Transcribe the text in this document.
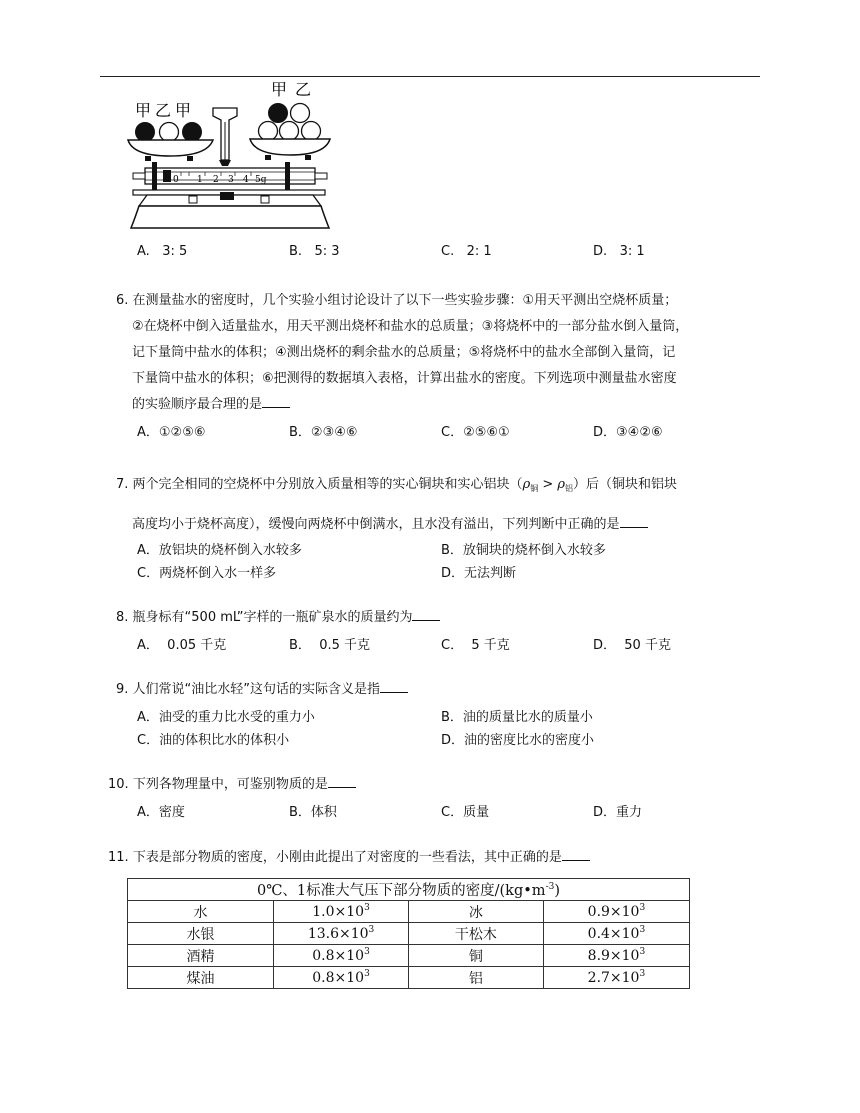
甲 乙 甲
甲 乙
0 1 2 3 4 5g
A. 3: 5	B. 5: 3	C. 2: 1	D. 3: 1

6. 在测量盐水的密度时，几个实验小组讨论设计了以下一些实验步骤：①用天平测出空烧杯质量；

②在烧杯中倒入适量盐水，用天平测出烧杯和盐水的总质量；③将烧杯中的一部分盐水倒入量筒，

记下量筒中盐水的体积；④测出烧杯的剩余盐水的总质量；⑤将烧杯中的盐水全部倒入量筒，记

下量筒中盐水的体积；⑥把测得的数据填入表格，计算出盐水的密度。下列选项中测量盐水密度

的实验顺序最合理的是

A．①②⑤⑥	B．②③④⑥	C．②⑤⑥①	D．③④②⑥

7. 两个完全相同的空烧杯中分别放入质量相等的实心铜块和实心铝块$(\rho_铜 > \rho_铝)$后（铜块和铝块

高度均小于烧杯高度），缓慢向两烧杯中倒满水，且水没有溢出，下列判断中正确的是

A．放铝块的烧杯倒入水较多	B．放铜块的烧杯倒入水较多
C．两烧杯倒入水一样多	D．无法判断

8. 瓶身标有“500 mL”字样的一瓶矿泉水的质量约为

A． 0.05 千克	B． 0.5 千克	C． 5 千克	D． 50 千克

9. 人们常说“油比水轻”这句话的实际含义是指

A．油受的重力比水受的重力小	B．油的质量比水的质量小
C．油的体积比水的体积小	D．油的密度比水的密度小

10. 下列各物理量中，可鉴别物质的是

A．密度	B．体积	C．质量	D．重力

11. 下表是部分物质的密度，小刚由此提出了对密度的一些看法，其中正确的是

0℃、1标准大气压下部分物质的密度$/(kg•m^{-3})$			
水	$1.0\times 10^3$	冰	$0.9\times 10^3$
水银	$13.6\times 10^3$	干松木	$0.4\times 10^3$
酒精	$0.8\times 10^3$	铜	$8.9\times 10^3$
煤油	$0.8\times 10^3$	铝	$2.7\times 10^3$
